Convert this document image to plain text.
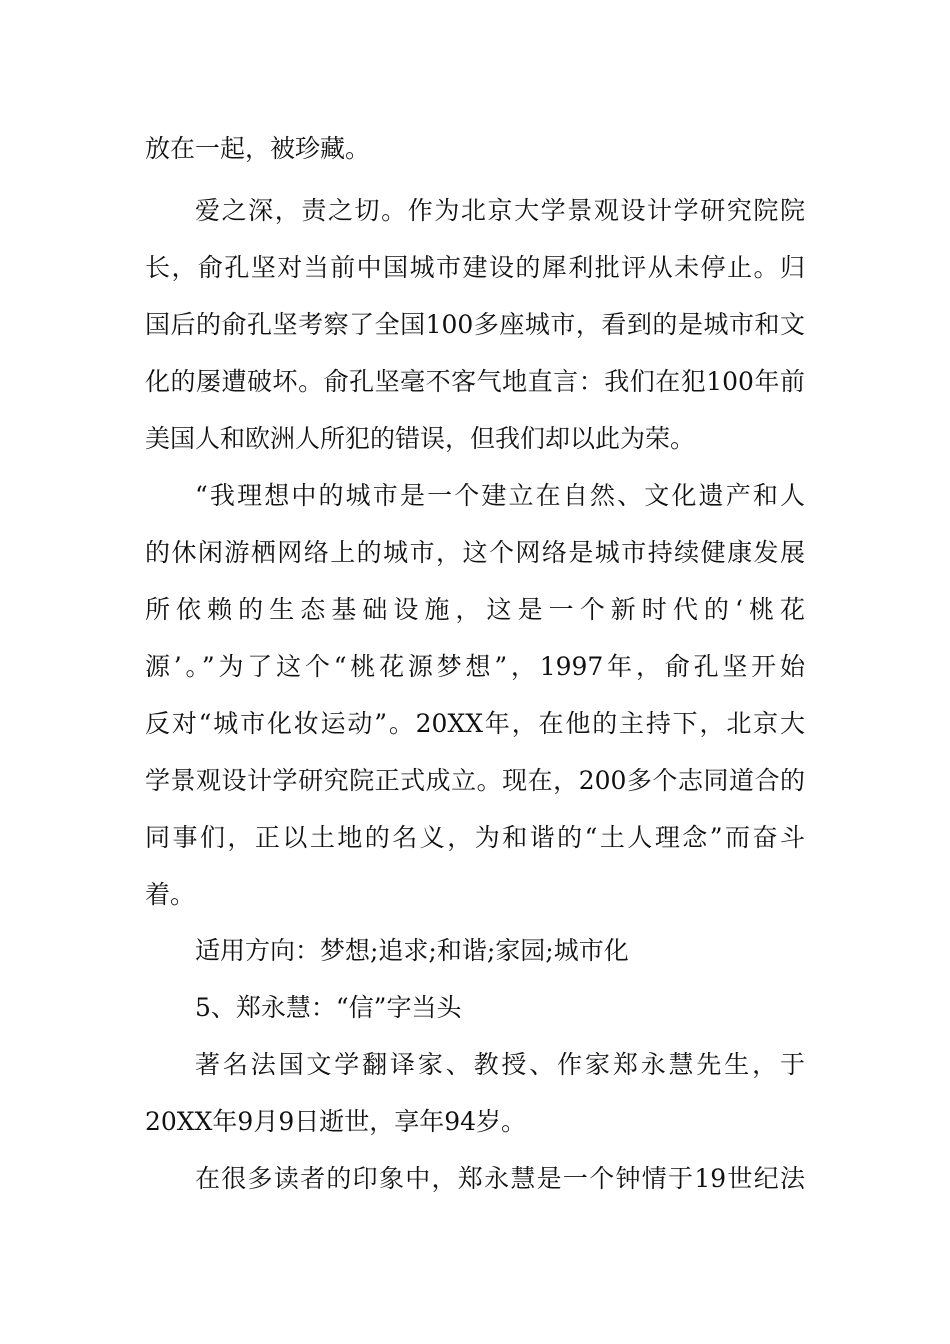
放在一起，被珍藏。
爱之深，责之切。作为北京大学景观设计学研究院院
长，俞孔坚对当前中国城市建设的犀利批评从未停止。归
国后的俞孔坚考察了全国100多座城市，看到的是城市和文
化的屡遭破坏。俞孔坚毫不客气地直言：我们在犯100年前
美国人和欧洲人所犯的错误，但我们却以此为荣。
“我理想中的城市是一个建立在自然、文化遗产和人
的休闲游栖网络上的城市，这个网络是城市持续健康发展
所依赖的生态基础设施，这是一个新时代的‘桃花
源’。”为了这个“桃花源梦想”，1997年，俞孔坚开始
反对“城市化妆运动”。20XX年，在他的主持下，北京大
学景观设计学研究院正式成立。现在，200多个志同道合的
同事们，正以土地的名义，为和谐的“土人理念”而奋斗
着。
适用方向：梦想;追求;和谐;家园;城市化
5、郑永慧：“信”字当头
著名法国文学翻译家、教授、作家郑永慧先生，于
20XX年9月9日逝世，享年94岁。
在很多读者的印象中，郑永慧是一个钟情于19世纪法
